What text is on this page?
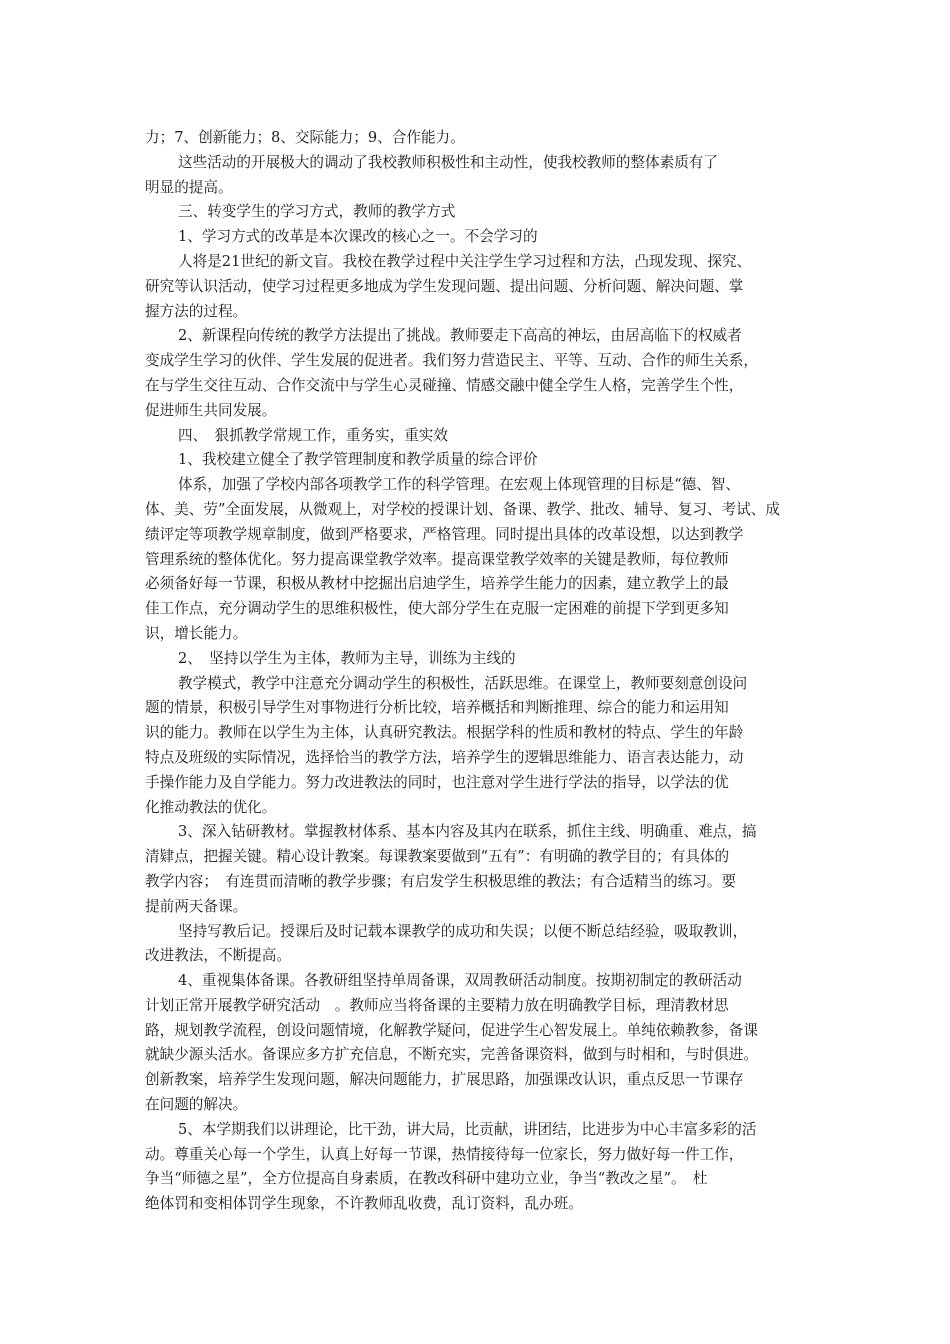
力；7、创新能力；8、交际能力；9、合作能力。
这些活动的开展极大的调动了我校教师积极性和主动性，使我校教师的整体素质有了
明显的提高。
三、转变学生的学习方式，教师的教学方式
1、学习方式的改革是本次课改的核心之一。不会学习的
人将是21世纪的新文盲。我校在教学过程中关注学生学习过程和方法，凸现发现、探究、
研究等认识活动，使学习过程更多地成为学生发现问题、提出问题、分析问题、解决问题、掌
握方法的过程。
2、新课程向传统的教学方法提出了挑战。教师要走下高高的神坛，由居高临下的权威者
变成学生学习的伙伴、学生发展的促进者。我们努力营造民主、平等、互动、合作的师生关系，
在与学生交往互动、合作交流中与学生心灵碰撞、情感交融中健全学生人格，完善学生个性，
促进师生共同发展。
四、　狠抓教学常规工作，重务实，重实效
1、我校建立健全了教学管理制度和教学质量的综合评价
体系，加强了学校内部各项教学工作的科学管理。在宏观上体现管理的目标是“德、智、
体、美、劳”全面发展，从微观上，对学校的授课计划、备课、教学、批改、辅导、复习、考试、成
绩评定等项教学规章制度，做到严格要求，严格管理。同时提出具体的改革设想，以达到教学
管理系统的整体优化。努力提高课堂教学效率。提高课堂教学效率的关键是教师，每位教师
必须备好每一节课，积极从教材中挖掘出启迪学生，培养学生能力的因素，建立教学上的最
佳工作点，充分调动学生的思维积极性，使大部分学生在克服一定困难的前提下学到更多知
识，增长能力。
2、　坚持以学生为主体，教师为主导，训练为主线的
教学模式，教学中注意充分调动学生的积极性，活跃思维。在课堂上，教师要刻意创设问
题的情景，积极引导学生对事物进行分析比较，培养概括和判断推理、综合的能力和运用知
识的能力。教师在以学生为主体，认真研究教法。根据学科的性质和教材的特点、学生的年龄
特点及班级的实际情况，选择恰当的教学方法，培养学生的逻辑思维能力、语言表达能力，动
手操作能力及自学能力。努力改进教法的同时，也注意对学生进行学法的指导，以学法的优
化推动教法的优化。
3、深入钻研教材。掌握教材体系、基本内容及其内在联系，抓住主线、明确重、难点，搞
清肄点，把握关键。精心设计教案。每课教案要做到“五有”：有明确的教学目的；有具体的
教学内容；　有连贯而清晰的教学步骤；有启发学生积极思维的教法；有合适精当的练习。要
提前两天备课。
坚持写教后记。授课后及时记载本课教学的成功和失误；以便不断总结经验，吸取教训，
改进教法，不断提高。
4、重视集体备课。各教研组坚持单周备课，双周教研活动制度。按期初制定的教研活动
计划正常开展教学研究活动　。教师应当将备课的主要精力放在明确教学目标，理清教材思
路，规划教学流程，创设问题情境，化解教学疑问，促进学生心智发展上。单纯依赖教参，备课
就缺少源头活水。备课应多方扩充信息，不断充实，完善备课资料，做到与时相和，与时俱进。
创新教案，培养学生发现问题，解决问题能力，扩展思路，加强课改认识，重点反思一节课存
在问题的解决。
5、本学期我们以讲理论，比干劲，讲大局，比贡献，讲团结，比进步为中心丰富多彩的活
动。尊重关心每一个学生，认真上好每一节课，热情接待每一位家长，努力做好每一件工作，
争当“师德之星”，全方位提高自身素质，在教改科研中建功立业，争当“教改之星”。　杜
绝体罚和变相体罚学生现象，不许教师乱收费，乱订资料，乱办班。
